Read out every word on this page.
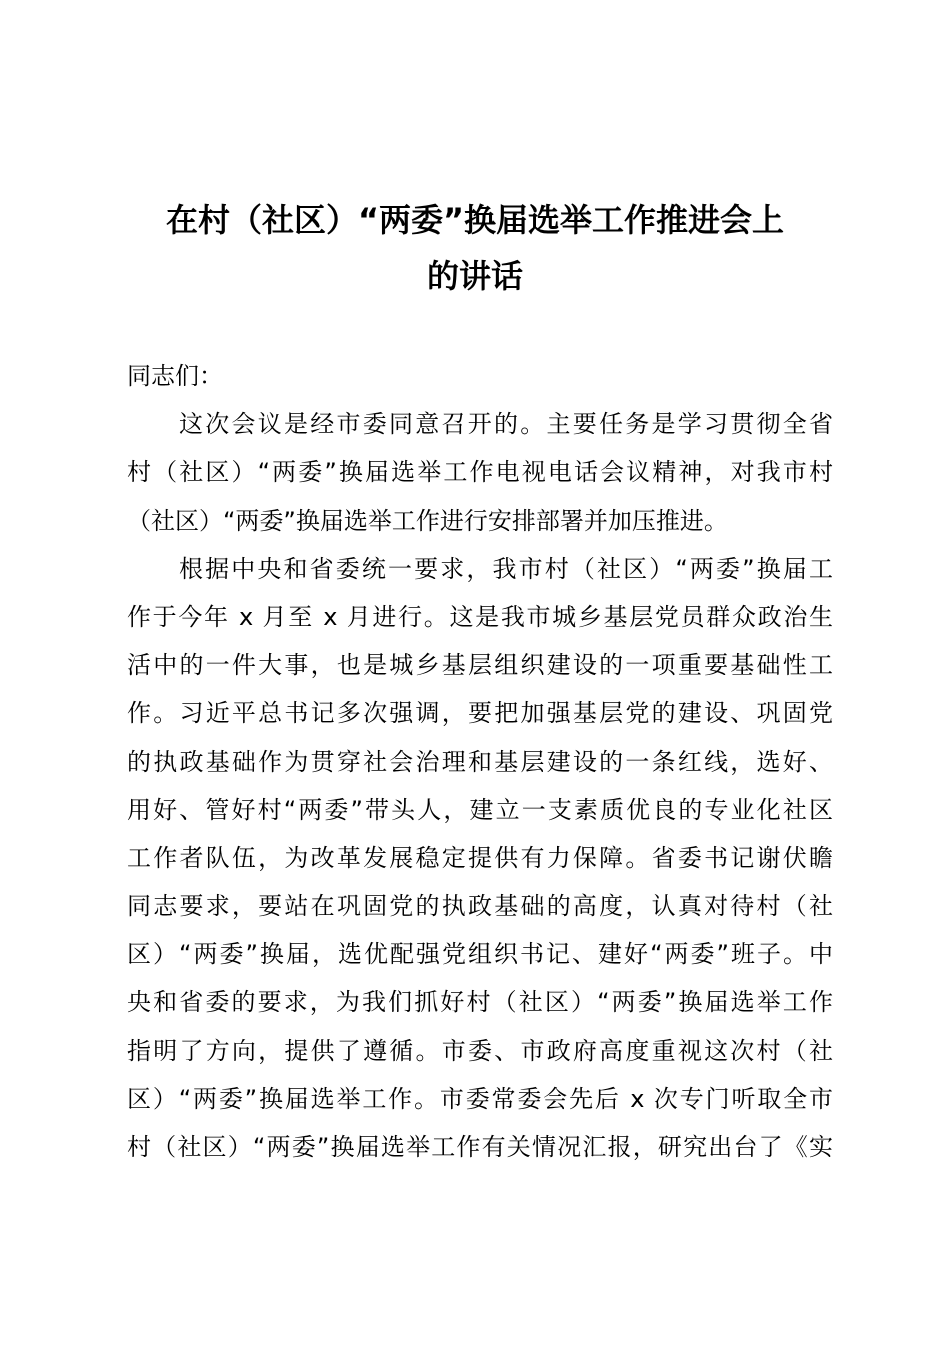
在村（社区）“两委”换届选举工作推进会上
的讲话
同志们：
这次会议是经市委同意召开的。主要任务是学习贯彻全省
村（社区）“两委”换届选举工作电视电话会议精神，对我市村
（社区）“两委”换届选举工作进行安排部署并加压推进。
根据中央和省委统一要求，我市村（社区）“两委”换届工
作于今年 x 月至 x 月进行。这是我市城乡基层党员群众政治生
活中的一件大事，也是城乡基层组织建设的一项重要基础性工
作。习近平总书记多次强调，要把加强基层党的建设、巩固党
的执政基础作为贯穿社会治理和基层建设的一条红线，选好、
用好、管好村“两委”带头人，建立一支素质优良的专业化社区
工作者队伍，为改革发展稳定提供有力保障。省委书记谢伏瞻
同志要求，要站在巩固党的执政基础的高度，认真对待村（社
区）“两委”换届，选优配强党组织书记、建好“两委”班子。中
央和省委的要求，为我们抓好村（社区）“两委”换届选举工作
指明了方向，提供了遵循。市委、市政府高度重视这次村（社
区）“两委”换届选举工作。市委常委会先后 x 次专门听取全市
村（社区）“两委”换届选举工作有关情况汇报，研究出台了《实
